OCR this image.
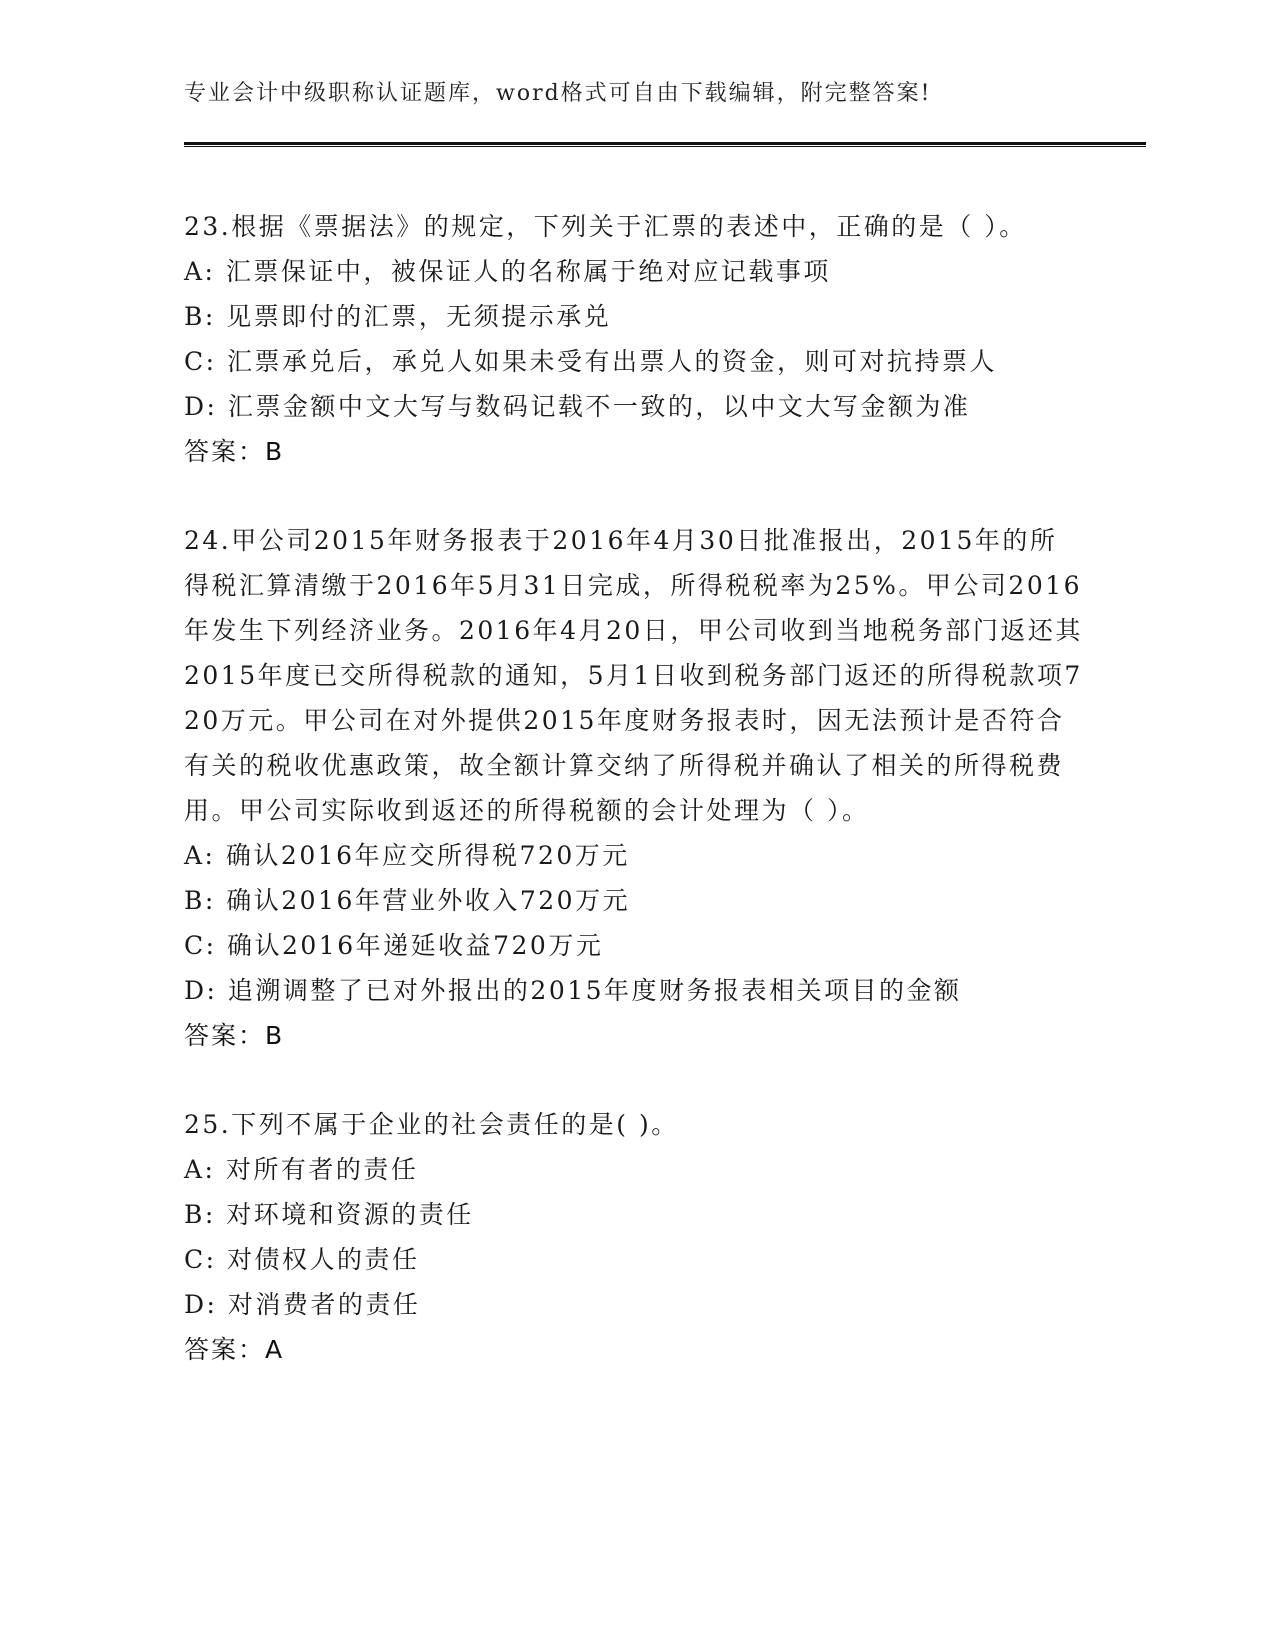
专业会计中级职称认证题库，word格式可自由下载编辑，附完整答案!

23.根据《票据法》的规定，下列关于汇票的表述中，正确的是（ ）。

A: 汇票保证中，被保证人的名称属于绝对应记载事项

B: 见票即付的汇票，无须提示承兑

C: 汇票承兑后，承兑人如果未受有出票人的资金，则可对抗持票人

D: 汇票金额中文大写与数码记载不一致的，以中文大写金额为准

答案：B

24.甲公司2015年财务报表于2016年4月30日批准报出，2015年的所得税汇算清缴于2016年5月31日完成，所得税税率为25%。甲公司2016年发生下列经济业务。2016年4月20日，甲公司收到当地税务部门返还其2015年度已交所得税款的通知，5月1日收到税务部门返还的所得税款项720万元。甲公司在对外提供2015年度财务报表时，因无法预计是否符合有关的税收优惠政策，故全额计算交纳了所得税并确认了相关的所得税费用。甲公司实际收到返还的所得税额的会计处理为（ ）。

A: 确认2016年应交所得税720万元

B: 确认2016年营业外收入720万元

C: 确认2016年递延收益720万元

D: 追溯调整了已对外报出的2015年度财务报表相关项目的金额

答案：B

25.下列不属于企业的社会责任的是( )。

A: 对所有者的责任

B: 对环境和资源的责任

C: 对债权人的责任

D: 对消费者的责任

答案：A
